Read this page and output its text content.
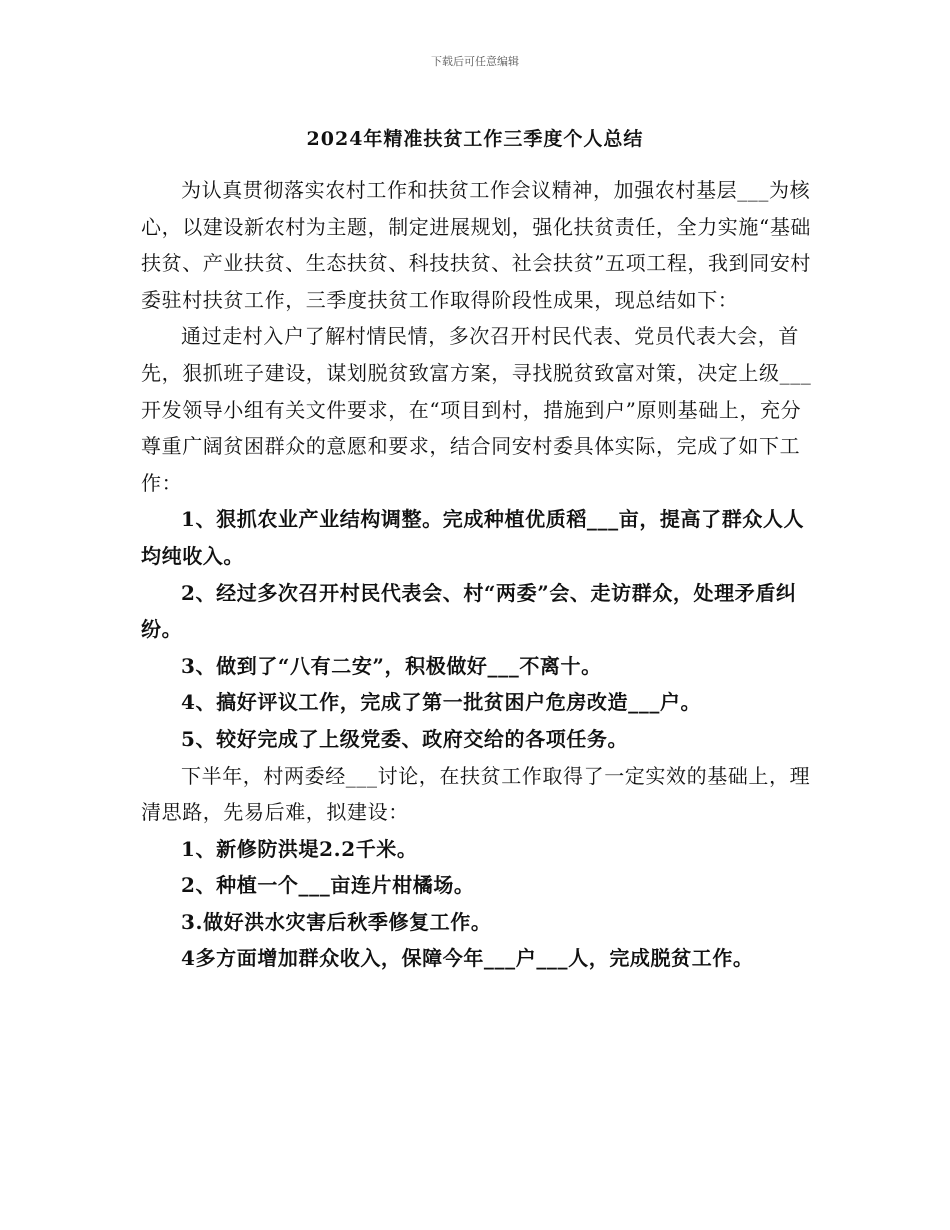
下载后可任意编辑
2024年精准扶贫工作三季度个人总结

为认真贯彻落实农村工作和扶贫工作会议精神，加强农村基层___为核心，以建设新农村为主题，制定进展规划，强化扶贫责任，全力实施“基础扶贫、产业扶贫、生态扶贫、科技扶贫、社会扶贫”五项工程，我到同安村委驻村扶贫工作，三季度扶贫工作取得阶段性成果，现总结如下：

通过走村入户了解村情民情，多次召开村民代表、党员代表大会，首先，狠抓班子建设，谋划脱贫致富方案，寻找脱贫致富对策，决定上级___开发领导小组有关文件要求，在“项目到村，措施到户”原则基础上，充分尊重广阔贫困群众的意愿和要求，结合同安村委具体实际，完成了如下工作：

1、狠抓农业产业结构调整。完成种植优质稻___亩，提高了群众人人均纯收入。

2、经过多次召开村民代表会、村“两委”会、走访群众，处理矛盾纠纷。

3、做到了“八有二安”，积极做好___不离十。

4、搞好评议工作，完成了第一批贫困户危房改造___户。

5、较好完成了上级党委、政府交给的各项任务。

下半年，村两委经___讨论，在扶贫工作取得了一定实效的基础上，理清思路，先易后难，拟建设：

1、新修防洪堤2.2千米。

2、种植一个___亩连片柑橘场。

3.做好洪水灾害后秋季修复工作。

4多方面增加群众收入，保障今年___户___人，完成脱贫工作。
